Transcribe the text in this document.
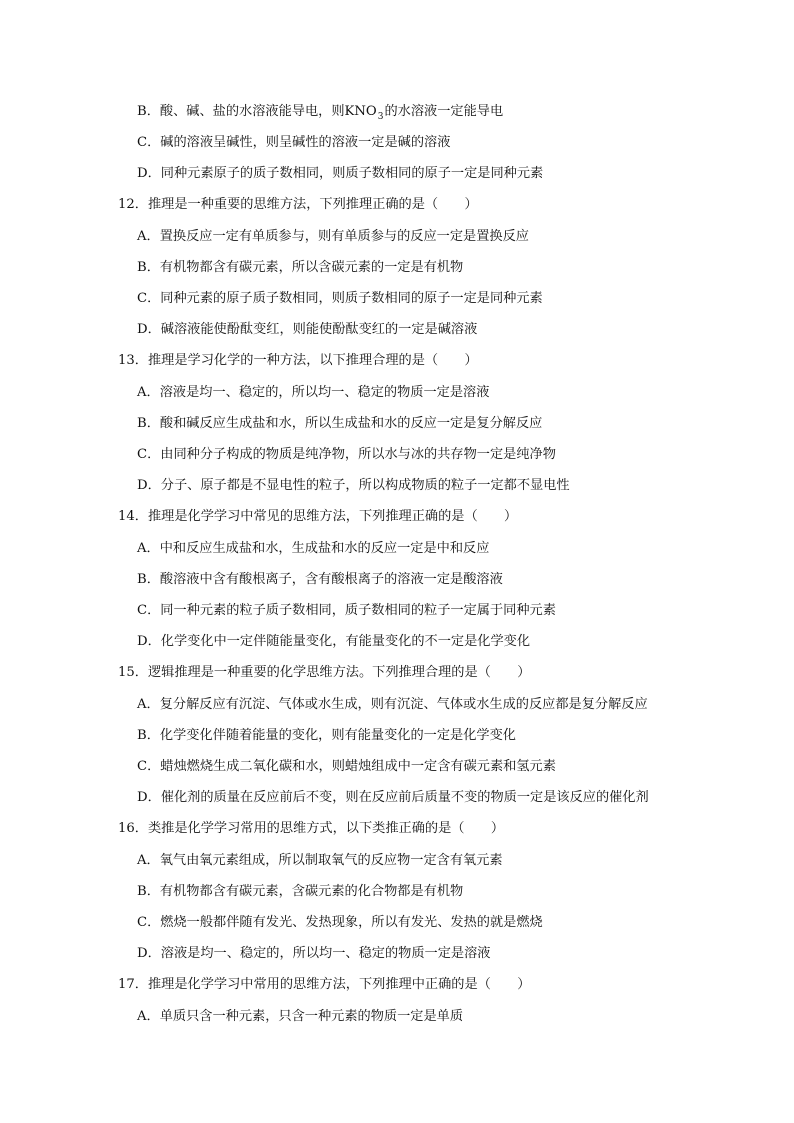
B．酸、碱、盐的水溶液能导电，则$KNO_3$的水溶液一定能导电
C．碱的溶液呈碱性，则呈碱性的溶液一定是碱的溶液
D．同种元素原子的质子数相同，则质子数相同的原子一定是同种元素
12．推理是一种重要的思维方法，下列推理正确的是（　　）
A．置换反应一定有单质参与，则有单质参与的反应一定是置换反应
B．有机物都含有碳元素，所以含碳元素的一定是有机物
C．同种元素的原子质子数相同，则质子数相同的原子一定是同种元素
D．碱溶液能使酚酞变红，则能使酚酞变红的一定是碱溶液
13．推理是学习化学的一种方法，以下推理合理的是（　　）
A．溶液是均一、稳定的，所以均一、稳定的物质一定是溶液
B．酸和碱反应生成盐和水，所以生成盐和水的反应一定是复分解反应
C．由同种分子构成的物质是纯净物，所以水与冰的共存物一定是纯净物
D．分子、原子都是不显电性的粒子，所以构成物质的粒子一定都不显电性
14．推理是化学学习中常见的思维方法，下列推理正确的是（　　）
A．中和反应生成盐和水，生成盐和水的反应一定是中和反应
B．酸溶液中含有酸根离子，含有酸根离子的溶液一定是酸溶液
C．同一种元素的粒子质子数相同，质子数相同的粒子一定属于同种元素
D．化学变化中一定伴随能量变化，有能量变化的不一定是化学变化
15．逻辑推理是一种重要的化学思维方法。下列推理合理的是（　　）
A．复分解反应有沉淀、气体或水生成，则有沉淀、气体或水生成的反应都是复分解反应
B．化学变化伴随着能量的变化，则有能量变化的一定是化学变化
C．蜡烛燃烧生成二氧化碳和水，则蜡烛组成中一定含有碳元素和氢元素
D．催化剂的质量在反应前后不变，则在反应前后质量不变的物质一定是该反应的催化剂
16．类推是化学学习常用的思维方式，以下类推正确的是（　　）
A．氧气由氧元素组成，所以制取氧气的反应物一定含有氧元素
B．有机物都含有碳元素，含碳元素的化合物都是有机物
C．燃烧一般都伴随有发光、发热现象，所以有发光、发热的就是燃烧
D．溶液是均一、稳定的，所以均一、稳定的物质一定是溶液
17．推理是化学学习中常用的思维方法，下列推理中正确的是（　　）
A．单质只含一种元素，只含一种元素的物质一定是单质
